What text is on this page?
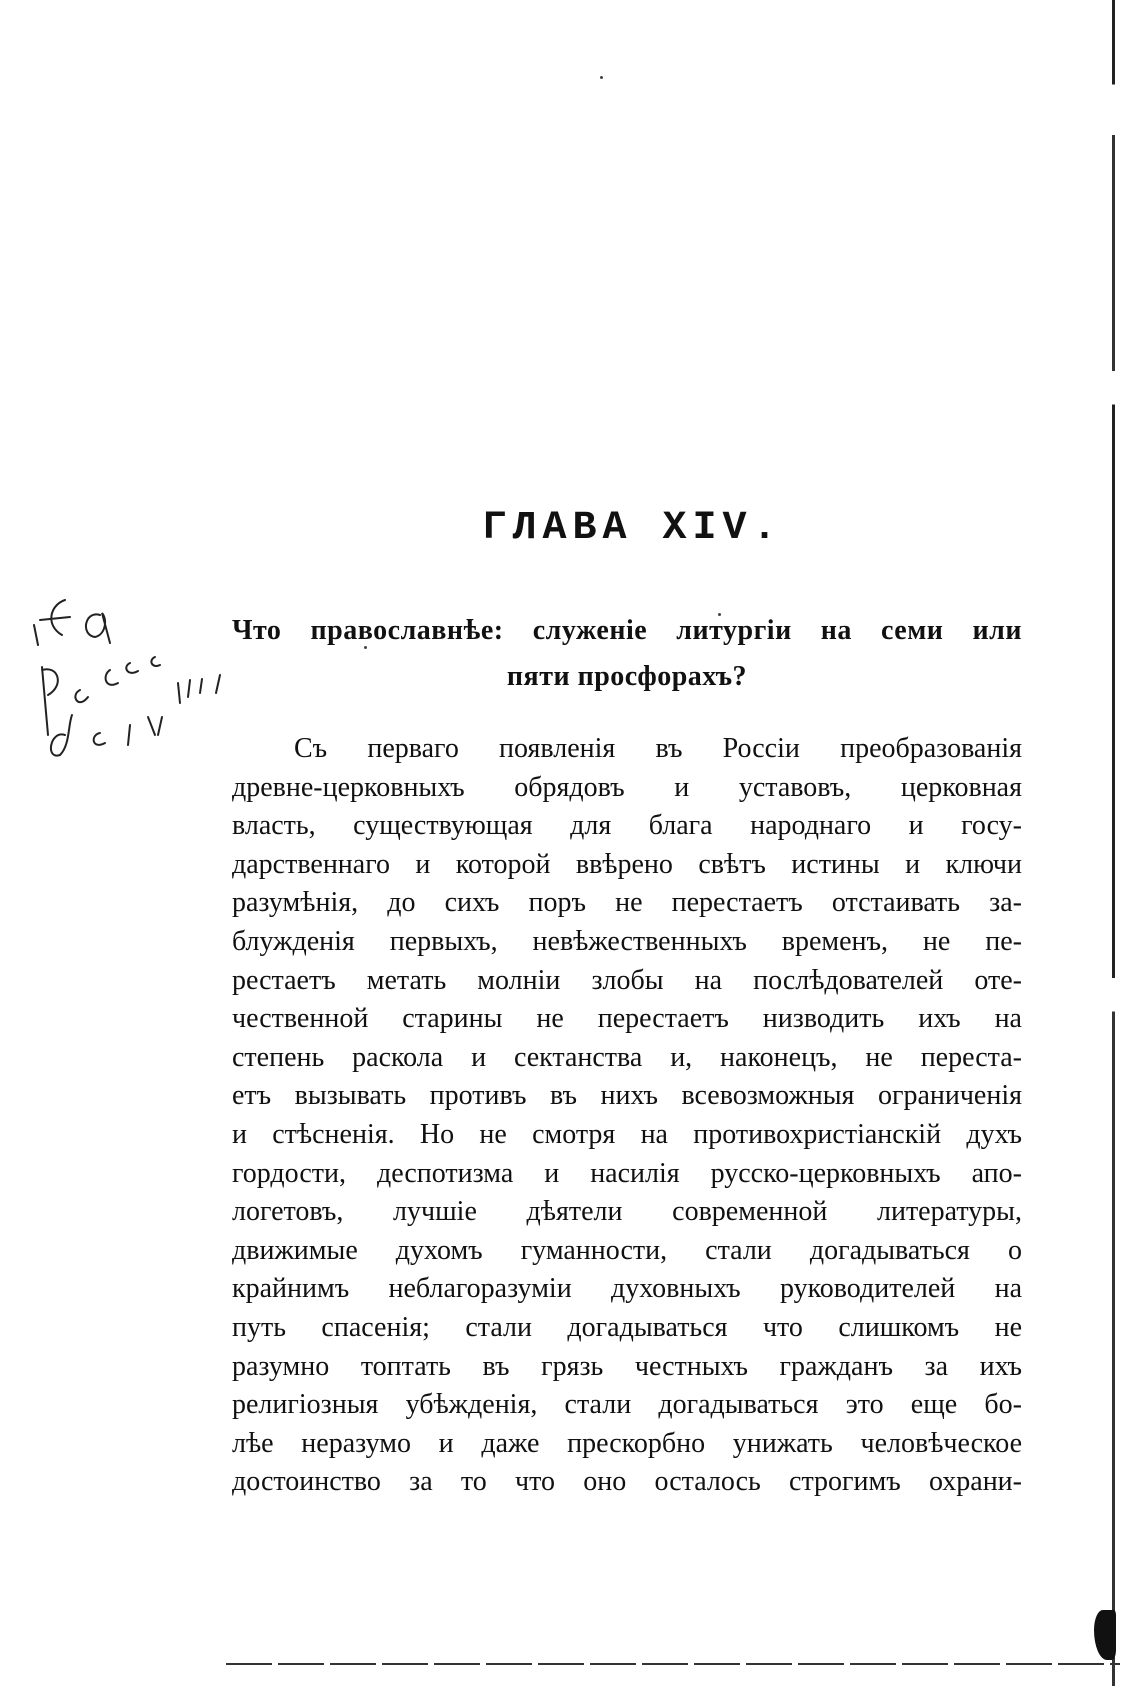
ГЛАВА XIV.
Что православнѣе: служеніе литургіи на семи или
пяти просфорахъ?
Съ перваго появленія въ Россіи преобразованія
древне-церковныхъ обрядовъ и уставовъ, церковная
власть, существующая для блага народнаго и госу-
дарственнаго и которой ввѣрено свѣтъ истины и ключи
разумѣнія, до сихъ поръ не перестаетъ отстаивать за-
блужденія первыхъ, невѣжественныхъ временъ, не пе-
рестаетъ метать молніи злобы на послѣдователей оте-
чественной старины не перестаетъ низводить ихъ на
степень раскола и сектанства и, наконецъ, не переста-
етъ вызывать противъ въ нихъ всевозможныя ограниченія
и стѣсненія. Но не смотря на противохристіанскій духъ
гордости, деспотизма и насилія русско-церковныхъ апо-
логетовъ, лучшіе дѣятели современной литературы,
движимые духомъ гуманности, стали догадываться о
крайнимъ неблагоразуміи духовныхъ руководителей на
путь спасенія; стали догадываться что слишкомъ не
разумно топтать въ грязь честныхъ гражданъ за ихъ
религіозныя убѣжденія, стали догадываться это еще бо-
лѣе неразумо и даже прескорбно унижать человѣческое
достоинство за то что оно осталось строгимъ охрани-
